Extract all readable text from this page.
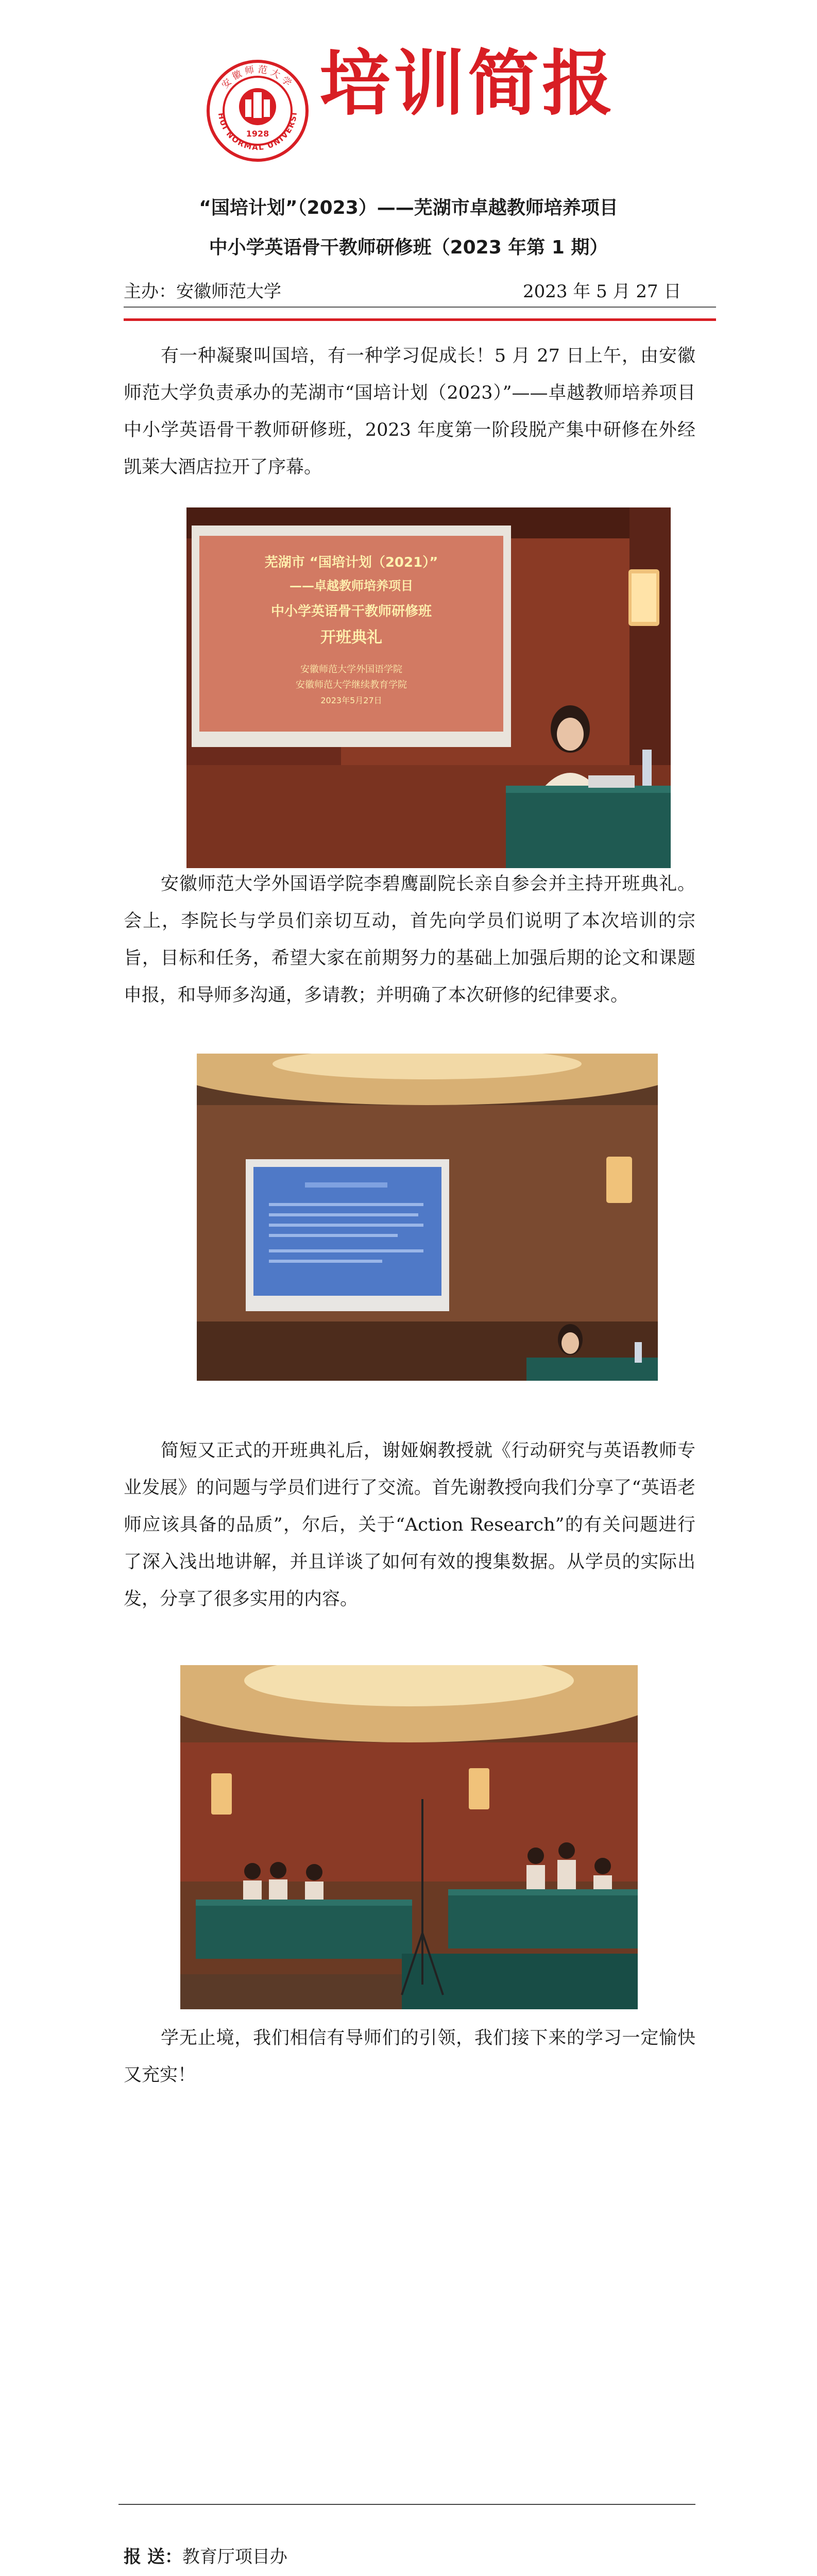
HUI NORMAL UNIVERSI
安徽师范大学
1928
培训简报
“国培计划”（2023）——芜湖市卓越教师培养项目
中小学英语骨干教师研修班（2023 年第 1 期）
主办：安徽师范大学	2023 年 5 月 27 日
有一种凝聚叫国培，有一种学习促成长！5 月 27 日上午，由安徽师范大学负责承办的芜湖市“国培计划（2023）”——卓越教师培养项目中小学英语骨干教师研修班，2023 年度第一阶段脱产集中研修在外经凯莱大酒店拉开了序幕。
芜湖市 “国培计划（2021）”
——卓越教师培养项目
中小学英语骨干教师研修班
开班典礼
安徽师范大学外国语学院
安徽师范大学继续教育学院
2023年5月27日
安徽师范大学外国语学院李碧鹰副院长亲自参会并主持开班典礼。会上，李院长与学员们亲切互动，首先向学员们说明了本次培训的宗旨，目标和任务，希望大家在前期努力的基础上加强后期的论文和课题申报，和导师多沟通，多请教；并明确了本次研修的纪律要求。
简短又正式的开班典礼后，谢娅娴教授就《行动研究与英语教师专业发展》的问题与学员们进行了交流。首先谢教授向我们分享了“英语老师应该具备的品质”，尔后，关于“Action Research”的有关问题进行了深入浅出地讲解，并且详谈了如何有效的搜集数据。从学员的实际出发，分享了很多实用的内容。
学无止境，我们相信有导师们的引领，我们接下来的学习一定愉快又充实！
报 送：教育厅项目办
